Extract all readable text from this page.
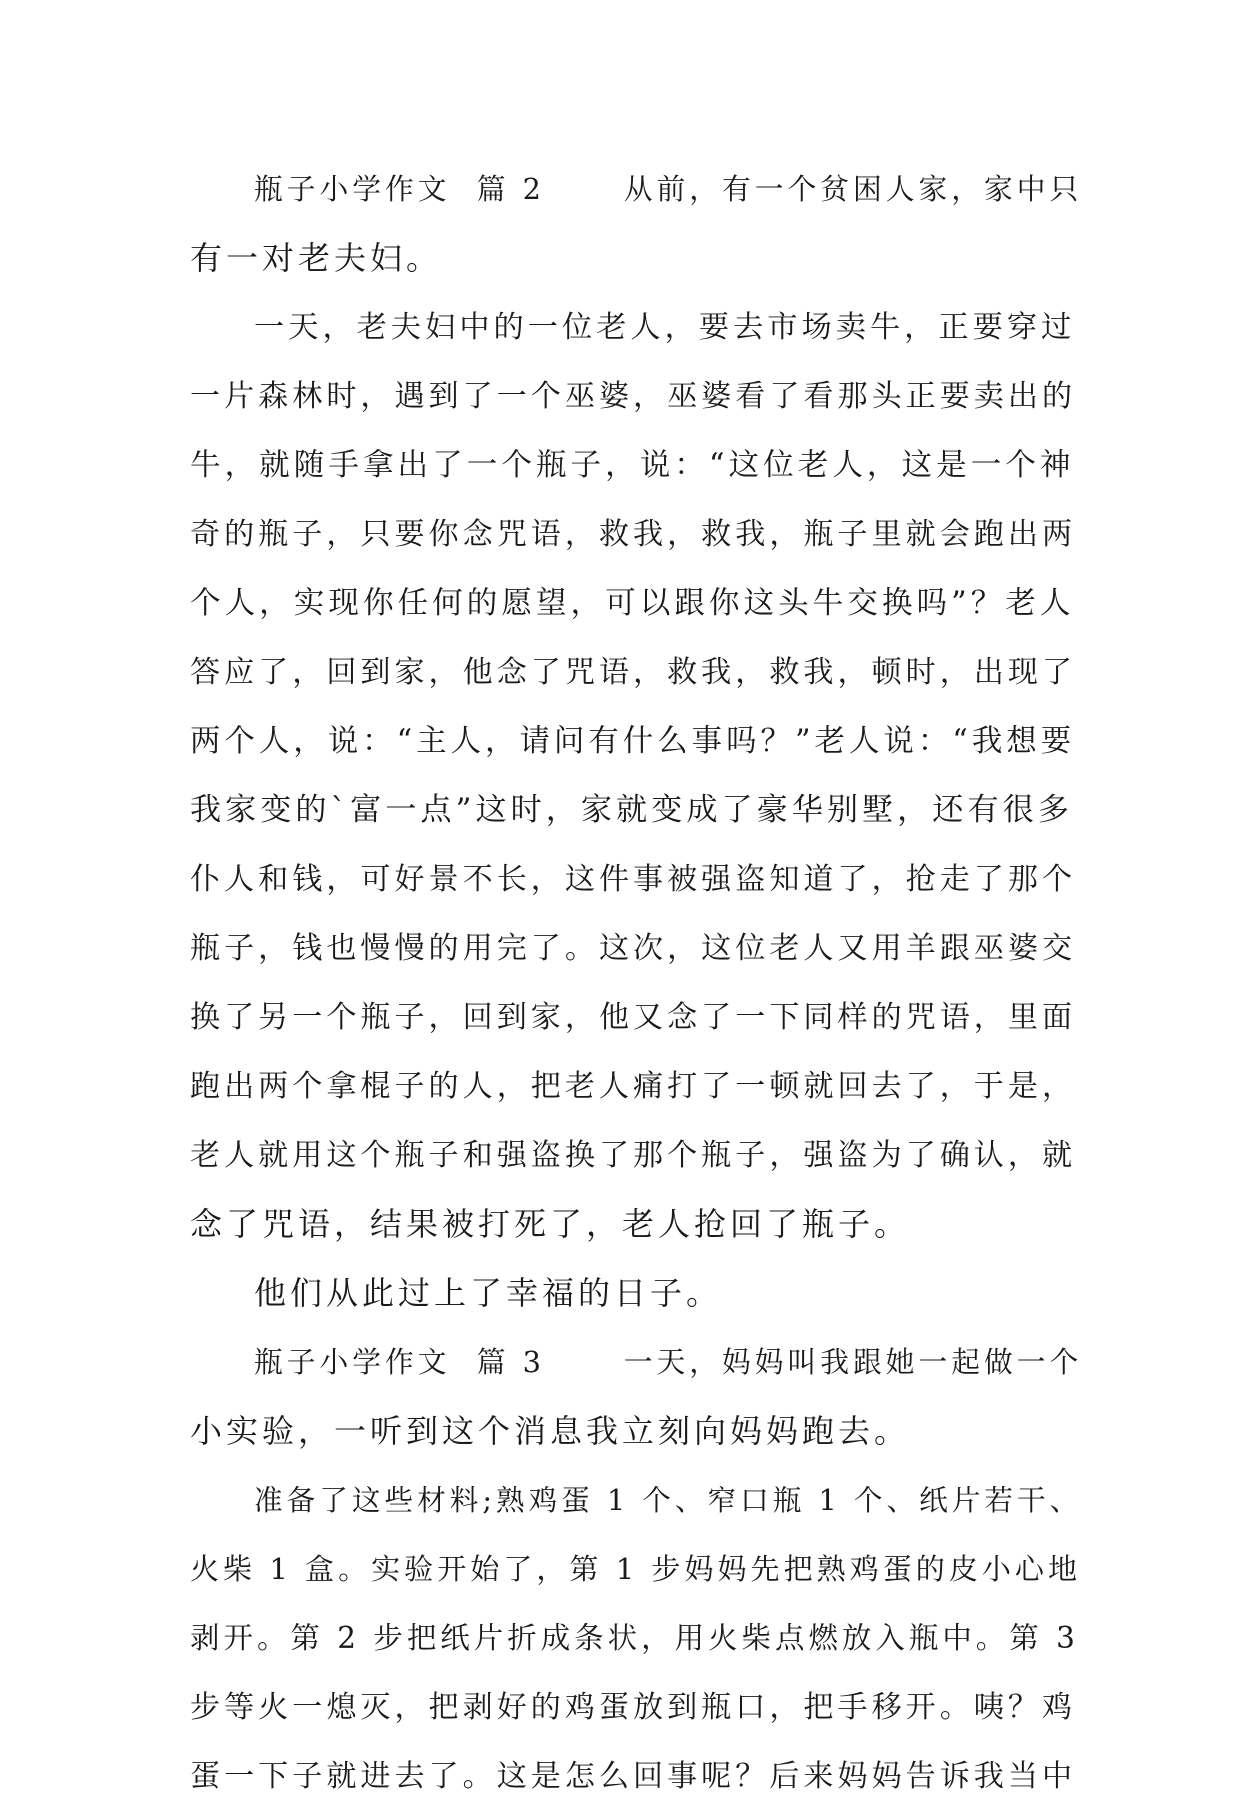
瓶子小学作文  篇 2      从前，有一个贫困人家，家中只
有一对老夫妇。
一天，老夫妇中的一位老人，要去市场卖牛，正要穿过
一片森林时，遇到了一个巫婆，巫婆看了看那头正要卖出的
牛，就随手拿出了一个瓶子，说：“这位老人，这是一个神
奇的瓶子，只要你念咒语，救我，救我，瓶子里就会跑出两
个人，实现你任何的愿望，可以跟你这头牛交换吗”？老人
答应了，回到家，他念了咒语，救我，救我，顿时，出现了
两个人，说：“主人，请问有什么事吗？”老人说：“我想要
我家变的`富一点”这时，家就变成了豪华别墅，还有很多
仆人和钱，可好景不长，这件事被强盗知道了，抢走了那个
瓶子，钱也慢慢的用完了。这次，这位老人又用羊跟巫婆交
换了另一个瓶子，回到家，他又念了一下同样的咒语，里面
跑出两个拿棍子的人，把老人痛打了一顿就回去了，于是，
老人就用这个瓶子和强盗换了那个瓶子，强盗为了确认，就
念了咒语，结果被打死了，老人抢回了瓶子。
他们从此过上了幸福的日子。
瓶子小学作文  篇 3      一天，妈妈叫我跟她一起做一个
小实验，一听到这个消息我立刻向妈妈跑去。
准备了这些材料;熟鸡蛋 1 个、窄口瓶 1 个、纸片若干、
火柴 1 盒。实验开始了，第 1 步妈妈先把熟鸡蛋的皮小心地
剥开。第 2 步把纸片折成条状，用火柴点燃放入瓶中。第 3
步等火一熄灭，把剥好的鸡蛋放到瓶口，把手移开。咦？鸡
蛋一下子就进去了。这是怎么回事呢？后来妈妈告诉我当中
